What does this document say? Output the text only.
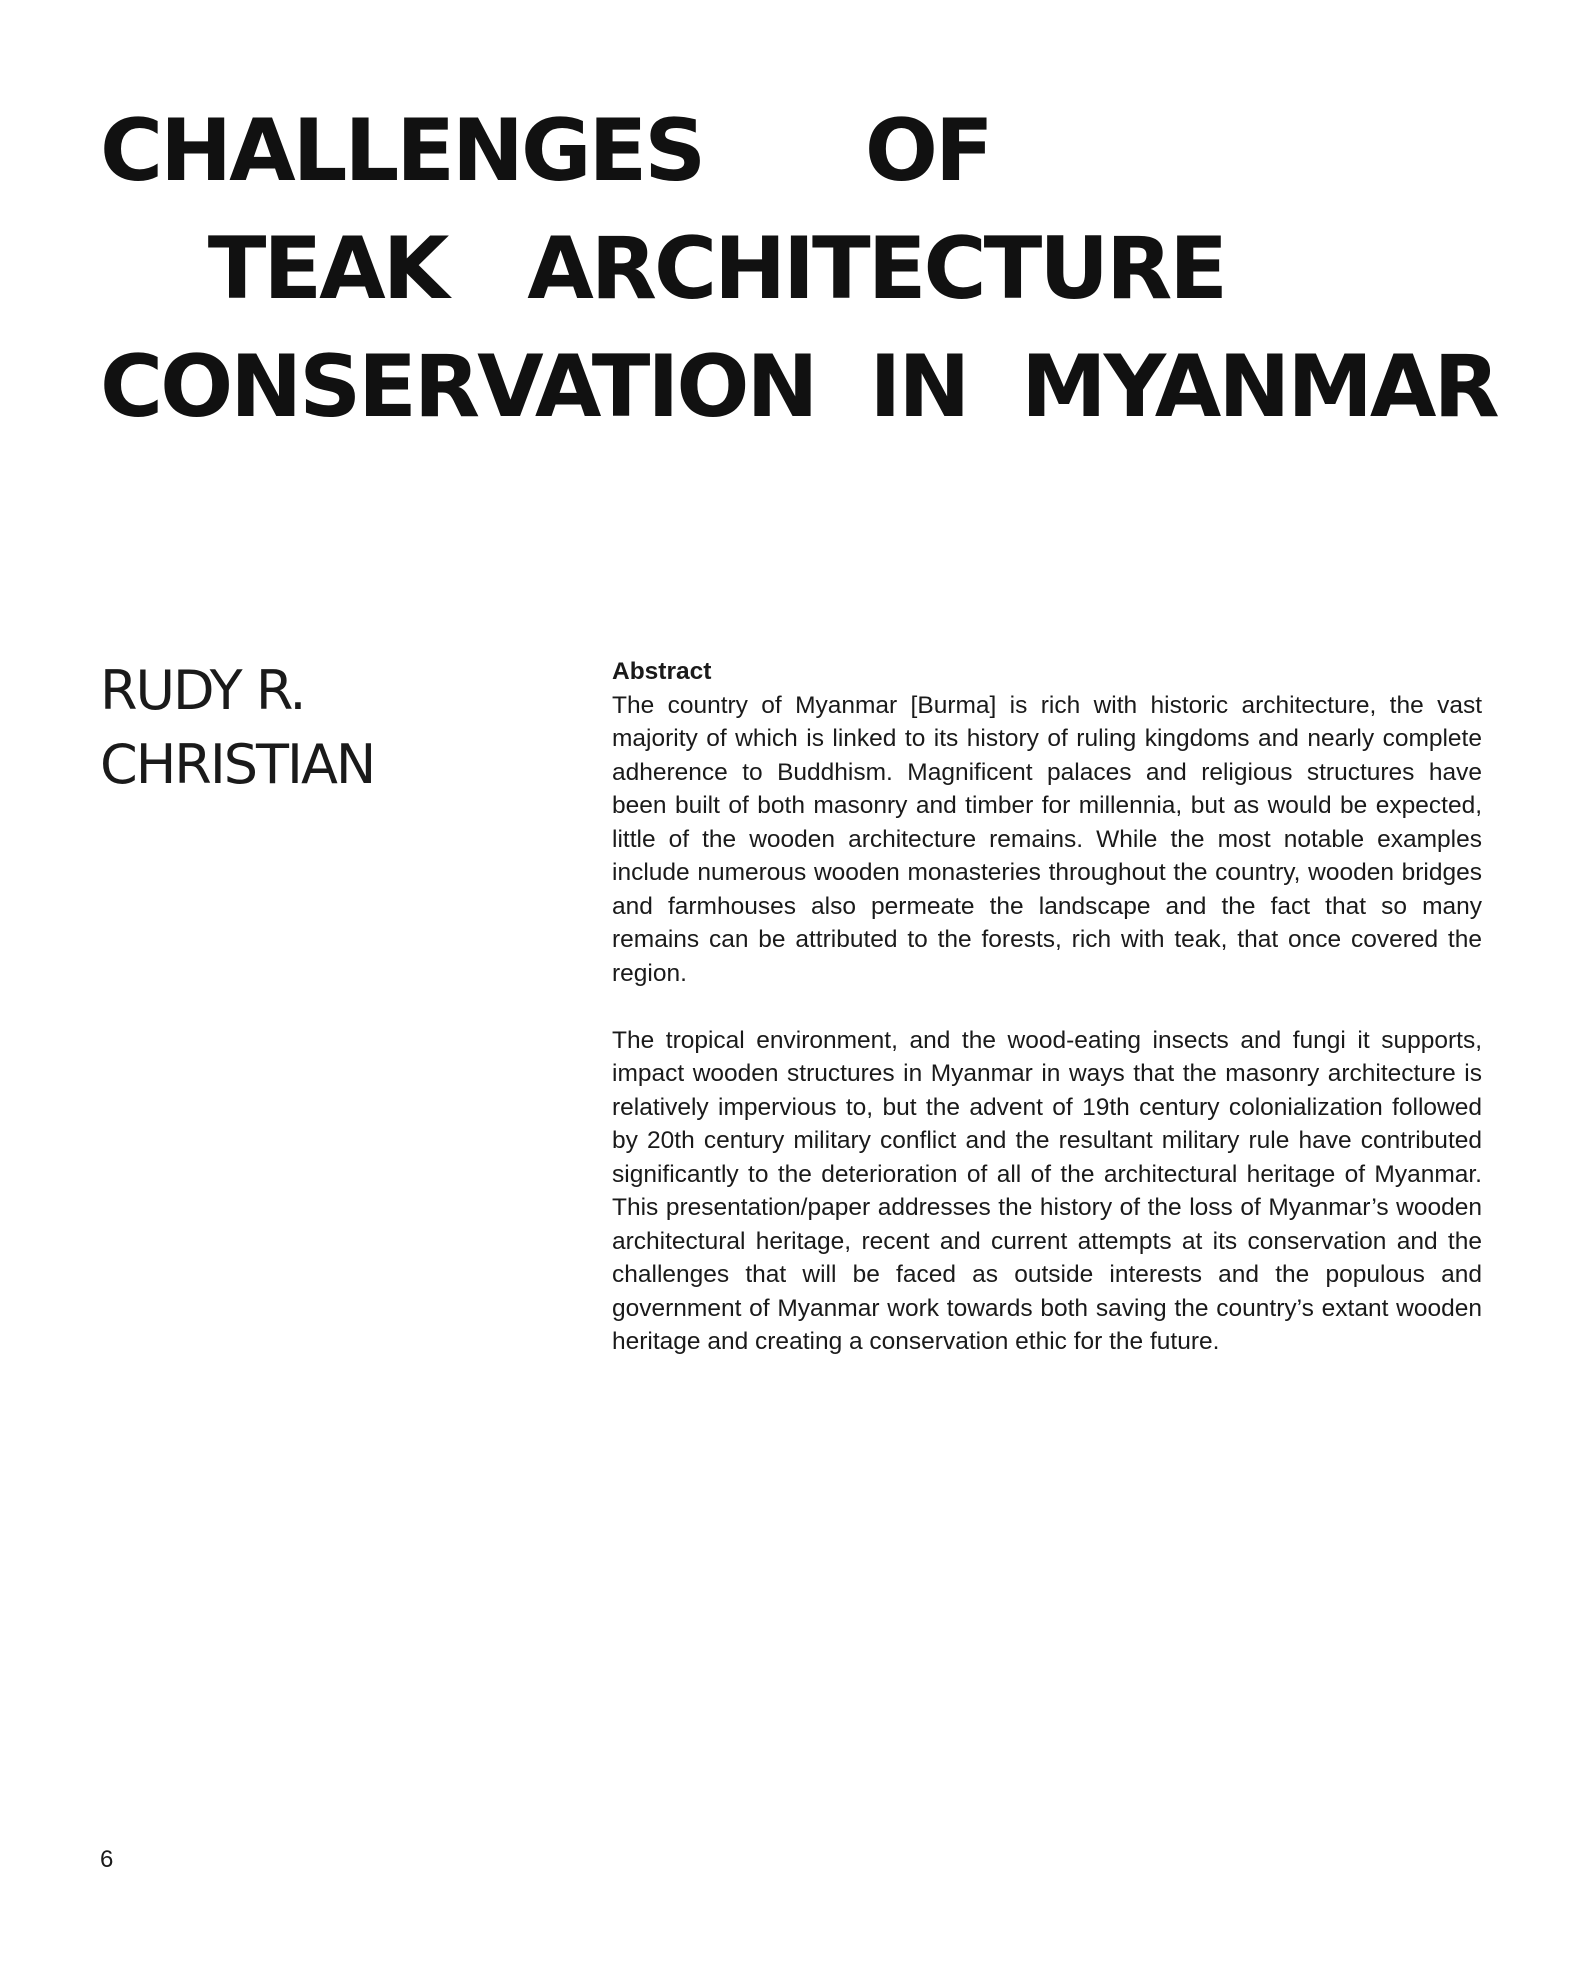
CHALLENGES      OF
TEAK   ARCHITECTURE
CONSERVATION  IN  MYANMAR
RUDY R.
CHRISTIAN
Abstract

The country of Myanmar [Burma] is rich with historic architecture, the vast majority of which is linked to its history of ruling kingdoms and nearly complete adherence to Buddhism. Magnificent palaces and religious structures have been built of both masonry and timber for millennia, but as would be expected, little of the wooden architecture remains. While the most notable examples include numerous wooden monasteries throughout the country, wooden bridges and farmhouses also permeate the landscape and the fact that so many remains can be attributed to the forests, rich with teak, that once covered the region.

The tropical environment, and the wood-eating insects and fungi it supports, impact wooden structures in Myanmar in ways that the masonry architecture is relatively impervious to, but the advent of 19th century colonialization followed by 20th century military conflict and the resultant military rule have contributed significantly to the deterioration of all of the architectural heritage of Myanmar. This presentation/paper addresses the history of the loss of Myanmar’s wooden architectural heritage, recent and current attempts at its conservation and the challenges that will be faced as outside interests and the populous and government of Myanmar work towards both saving the country’s extant wooden heritage and creating a conservation ethic for the future.

6
